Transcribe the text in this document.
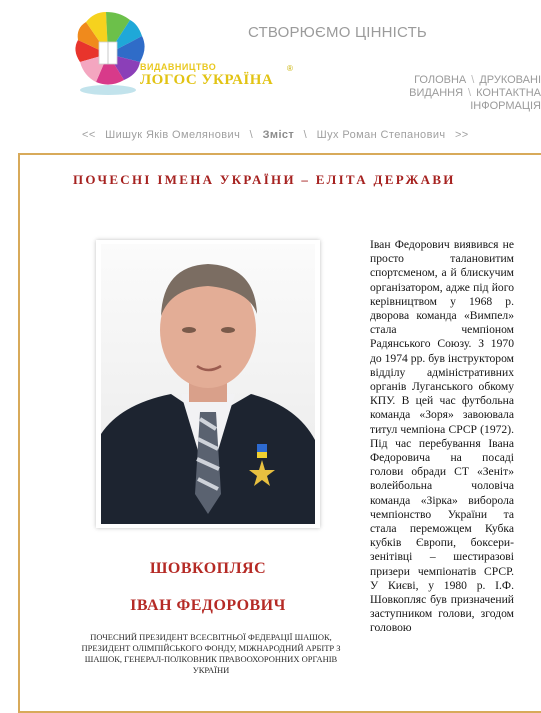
ВИДАВНИЦТВО
ЛОГОС УКРАЇНА
®
СТВОРЮЄМО ЦІННІСТЬ
ГОЛОВНА \ ДРУКОВАНІ ВИДАННЯ \ КОНТАКТНА ІНФОРМАЦІЯ
<< Шишук Яків Омелянович \ Зміст \ Шух Роман Степанович >>
ПОЧЕСНІ ІМЕНА УКРАЇНИ – ЕЛІТА ДЕРЖАВИ
ШОВКОПЛЯС
ІВАН ФЕДОРОВИЧ
ПОЧЕСНИЙ ПРЕЗИДЕНТ ВСЕСВІТНЬОЇ ФЕДЕРАЦІЇ ШАШОК, ПРЕЗИДЕНТ ОЛІМПІЙСЬКОГО ФОНДУ, МІЖНАРОДНИЙ АРБІТР З ШАШОК, ГЕНЕРАЛ-ПОЛКОВНИК ПРАВООХОРОННИХ ОРГАНІВ УКРАЇНИ
Іван Федорович виявився не просто талановитим спортсменом, а й блискучим організатором, адже під його керівництвом у 1968 р. дворова команда «Вимпел» стала чемпіоном Радянського Союзу. З 1970 до 1974 рр. був інструктором відділу адміністративних органів Луганського обкому КПУ. В цей час футбольна команда «Зоря» завоювала титул чемпіона СРСР (1972). Під час перебування Івана Федоровича на посаді голови обради СТ «Зеніт» волейбольна чоловіча команда «Зірка» виборола чемпіонство України та стала переможцем Кубка кубків Європи, боксери-зенітівці – шестиразові призери чемпіонатів СРСР. У Києві, у 1980 р. І.Ф. Шовкопляс був призначений заступником голови, згодом головою
